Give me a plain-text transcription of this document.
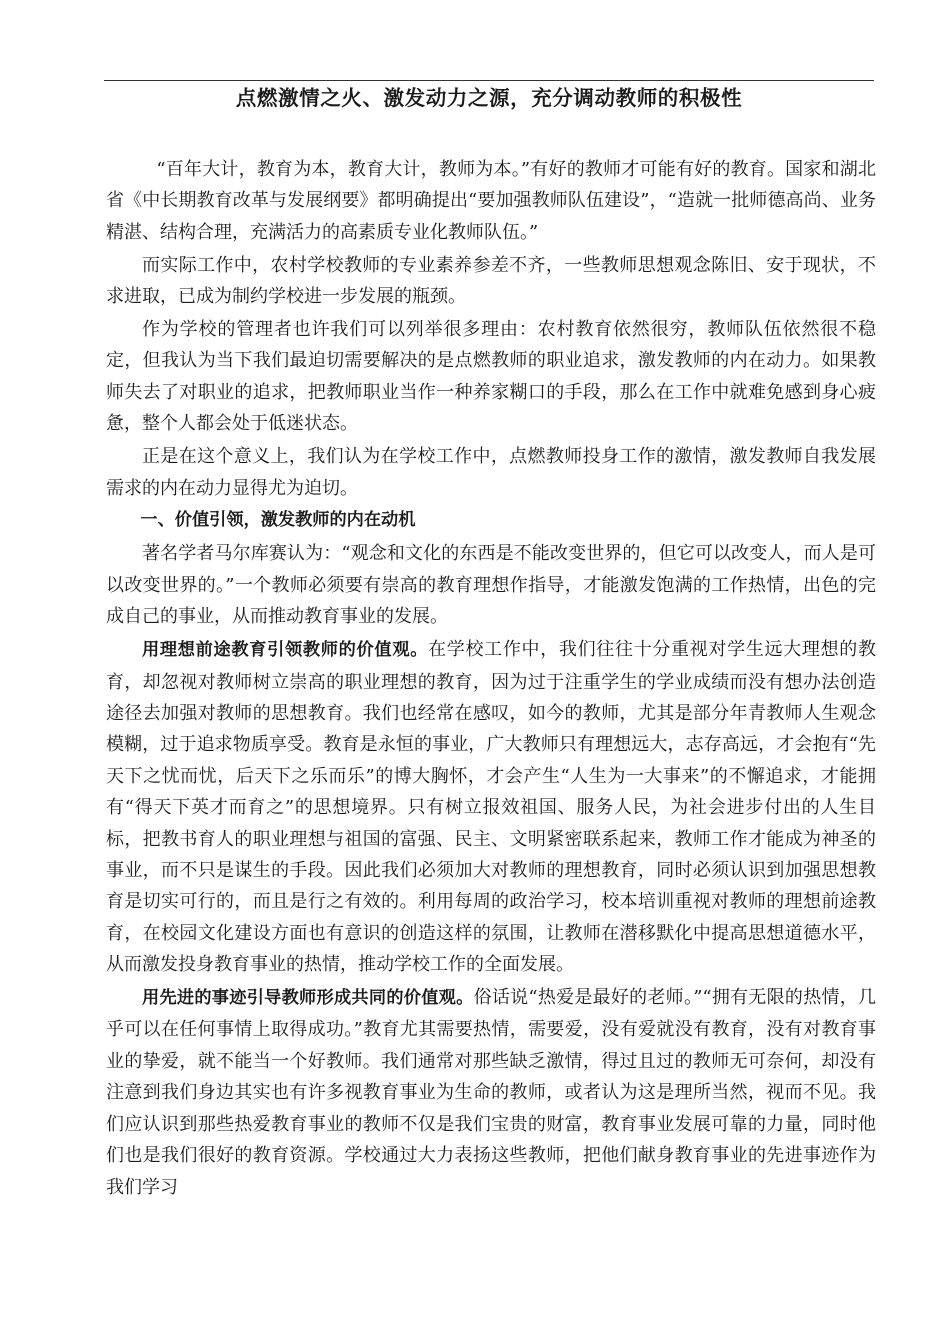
点燃激情之火、激发动力之源，充分调动教师的积极性

“百年大计，教育为本，教育大计，教师为本。”有好的教师才可能有好的教育。国家和湖北省《中长期教育改革与发展纲要》都明确提出“要加强教师队伍建设”，“造就一批师德高尚、业务精湛、结构合理，充满活力的高素质专业化教师队伍。”

而实际工作中，农村学校教师的专业素养参差不齐，一些教师思想观念陈旧、安于现状，不求进取，已成为制约学校进一步发展的瓶颈。

作为学校的管理者也许我们可以列举很多理由：农村教育依然很穷，教师队伍依然很不稳定，但我认为当下我们最迫切需要解决的是点燃教师的职业追求，激发教师的内在动力。如果教师失去了对职业的追求，把教师职业当作一种养家糊口的手段，那么在工作中就难免感到身心疲惫，整个人都会处于低迷状态。

正是在这个意义上，我们认为在学校工作中，点燃教师投身工作的激情，激发教师自我发展需求的内在动力显得尤为迫切。

一、价值引领，激发教师的内在动机

著名学者马尔库赛认为：“观念和文化的东西是不能改变世界的，但它可以改变人，而人是可以改变世界的。”一个教师必须要有崇高的教育理想作指导，才能激发饱满的工作热情，出色的完成自己的事业，从而推动教育事业的发展。

用理想前途教育引领教师的价值观。在学校工作中，我们往往十分重视对学生远大理想的教育，却忽视对教师树立崇高的职业理想的教育，因为过于注重学生的学业成绩而没有想办法创造途径去加强对教师的思想教育。我们也经常在感叹，如今的教师，尤其是部分年青教师人生观念模糊，过于追求物质享受。教育是永恒的事业，广大教师只有理想远大，志存高远，才会抱有“先天下之忧而忧，后天下之乐而乐”的博大胸怀，才会产生“人生为一大事来”的不懈追求，才能拥有“得天下英才而育之”的思想境界。只有树立报效祖国、服务人民，为社会进步付出的人生目标，把教书育人的职业理想与祖国的富强、民主、文明紧密联系起来，教师工作才能成为神圣的事业，而不只是谋生的手段。因此我们必须加大对教师的理想教育，同时必须认识到加强思想教育是切实可行的，而且是行之有效的。利用每周的政治学习，校本培训重视对教师的理想前途教育，在校园文化建设方面也有意识的创造这样的氛围，让教师在潜移默化中提高思想道德水平，从而激发投身教育事业的热情，推动学校工作的全面发展。

用先进的事迹引导教师形成共同的价值观。俗话说“热爱是最好的老师。”“拥有无限的热情，几乎可以在任何事情上取得成功。”教育尤其需要热情，需要爱，没有爱就没有教育，没有对教育事业的挚爱，就不能当一个好教师。我们通常对那些缺乏激情，得过且过的教师无可奈何，却没有注意到我们身边其实也有许多视教育事业为生命的教师，或者认为这是理所当然，视而不见。我们应认识到那些热爱教育事业的教师不仅是我们宝贵的财富，教育事业发展可靠的力量，同时他们也是我们很好的教育资源。学校通过大力表扬这些教师，把他们献身教育事业的先进事迹作为我们学习
